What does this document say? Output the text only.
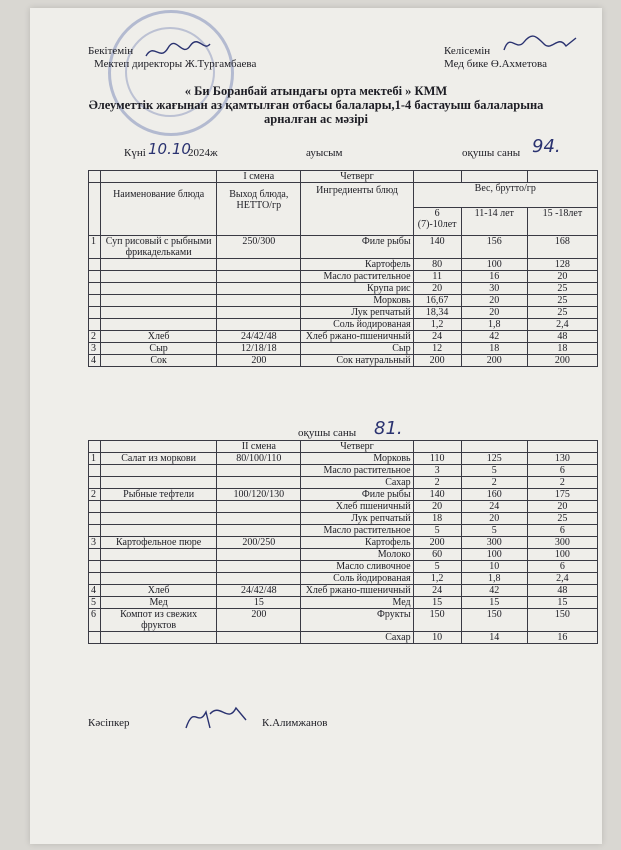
Бекітемін
Мектеп директоры Ж.Тургамбаева
Келісемін
Мед бике Ө.Ахметова
« Би Боранбай атындағы орта мектебі » КММ
Әлеуметтік жағынан аз қамтылған отбасы балалары,1-4 бастауыш балаларына
арналған ас мәзірі
Күні 10.10
2024ж	ауысым	оқушы саны 94.
		I смена	Четверг			
	Наименование блюда	Выход блюда, НЕТТО/гр	Ингредиенты блюд	Вес, брутто/гр		
				6 (7)-10лет	11-14 лет	15 -18лет
1	Суп рисовый с рыбными фрикадельками	250/300	Филе рыбы	140	156	168
			Картофель	80	100	128
			Масло растительное	11	16	20
			Крупа рис	20	30	25
			Морковь	16,67	20	25
			Лук репчатый	18,34	20	25
			Соль йодированая	1,2	1,8	2,4
2	Хлеб	24/42/48	Хлеб ржано-пшеничный	24	42	48
3	Сыр	12/18/18	Сыр	12	18	18
4	Сок	200	Сок натуральный	200	200	200
оқушы саны 81.
		II смена	Четверг			
1	Салат из моркови	80/100/110	Морковь	110	125	130
			Масло растительное	3	5	6
			Сахар	2	2	2
2	Рыбные тефтели	100/120/130	Филе рыбы	140	160	175
			Хлеб пшеничный	20	24	20
			Лук репчатый	18	20	25
			Масло растительное	5	5	6
3	Картофельное пюре	200/250	Картофель	200	300	300
			Молоко	60	100	100
			Масло сливочное	5	10	6
			Соль йодированая	1,2	1,8	2,4
4	Хлеб	24/42/48	Хлеб ржано-пшеничный	24	42	48
5	Мед	15	Мед	15	15	15
6	Компот из свежих фруктов	200	Фрукты	150	150	150
			Сахар	10	14	16
Кәсіпкер	К.Алимжанов
